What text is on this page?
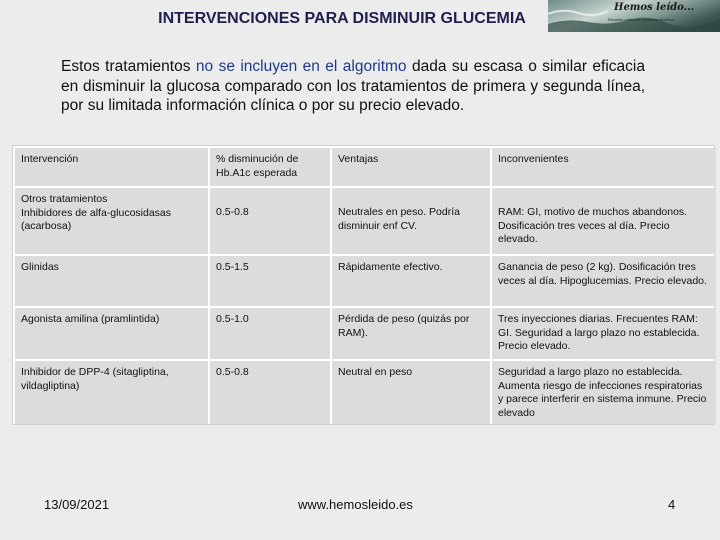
INTERVENCIONES PARA DISMINUIR GLUCEMIA
Hemos leído...
Revisión crítica de literatura científica

Estos tratamientos no se incluyen en el algoritmo dada su escasa o similar eficacia en disminuir la glucosa comparado con los tratamientos de primera y segunda línea, por su limitada información clínica o por su precio elevado.

Intervención	% disminución de Hb.A1c esperada	Ventajas	Inconvenientes

Otros tratamientos
Inhibidores de alfa-glucosidasas (acarbosa)	0.5-0.8	Neutrales en peso. Podría disminuir enf CV.	RAM: GI, motivo de muchos abandonos. Dosificación tres veces al día. Precio elevado.
Glinidas	0.5-1.5	Rápidamente efectivo.	Ganancia de peso (2 kg). Dosificación tres veces al día. Hipoglucemias. Precio elevado.
Agonista amilina (pramlintida)	0.5-1.0	Pérdida de peso (quizás por RAM).	Tres inyecciones diarias. Frecuentes RAM: GI. Seguridad a largo plazo no establecida. Precio elevado.
Inhibidor de DPP-4 (sitagliptina, vildagliptina)	0.5-0.8	Neutral en peso	Seguridad a largo plazo no establecida. Aumenta riesgo de infecciones respiratorias y parece interferir en sistema inmune. Precio elevado
13/09/2021	www.hemosleido.es	4
